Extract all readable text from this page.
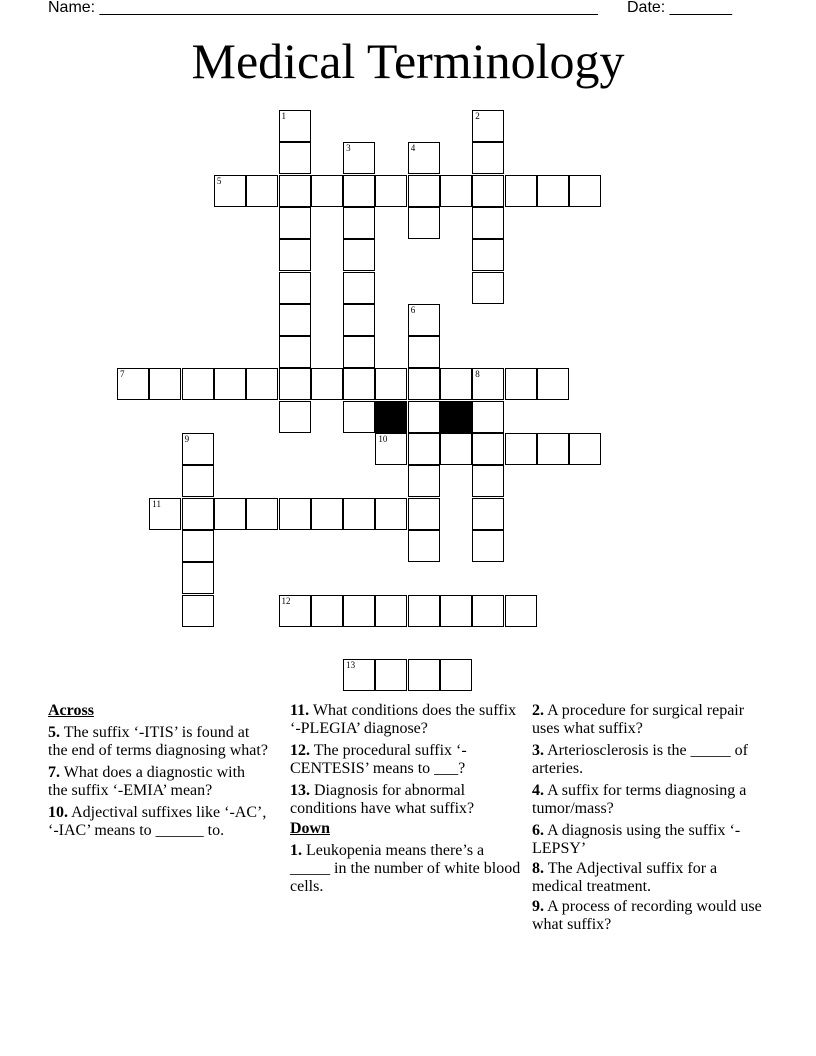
Name: ________________________________________________________ Date: _______
Medical Terminology
1	2
3	4
5
6
7	8
9	10
11
12
13
Across
5. The suffix ‘-ITIS’ is found at the end of terms diagnosing what?
7. What does a diagnostic with the suffix ‘-EMIA’ mean?
10. Adjectival suffixes like ‘-AC’, ‘-IAC’ means to ______ to.
11. What conditions does the suffix ‘-PLEGIA’ diagnose?
12. The procedural suffix ‘-CENTESIS’ means to ___?
13. Diagnosis for abnormal conditions have what suffix?
Down
1. Leukopenia means there’s a _____ in the number of white blood cells.
2. A procedure for surgical repair uses what suffix?
3. Arteriosclerosis is the _____ of arteries.
4. A suffix for terms diagnosing a tumor/mass?
6. A diagnosis using the suffix ‘-LEPSY’
8. The Adjectival suffix for a medical treatment.
9. A process of recording would use what suffix?
